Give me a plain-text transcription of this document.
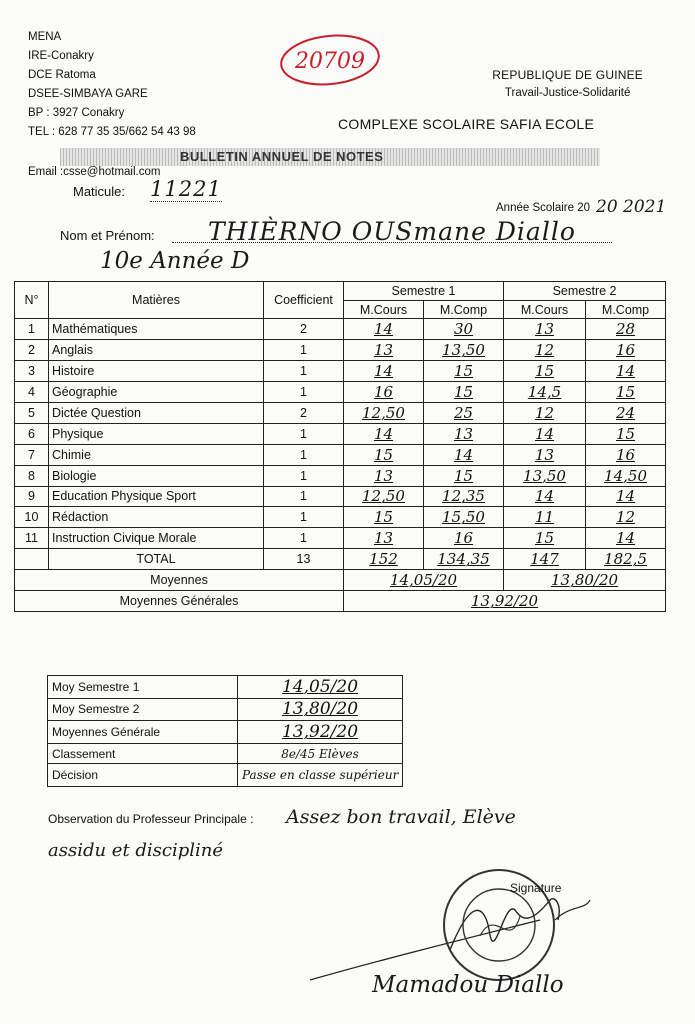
MENA
IRE-Conakry
DCE Ratoma
DSEE-SIMBAYA GARE
BP : 3927 Conakry
TEL : 628 77 35 35/662 54 43 98
20709
REPUBLIQUE DE GUINEE
Travail-Justice-Solidarité
COMPLEXE SCOLAIRE SAFIA ECOLE
BULLETIN ANNUEL DE NOTES
Email :csse@hotmail.com
Maticule: 11221
Année Scolaire 20 20 2021
Nom et Prénom: THIÈRNO OUSmane Diallo
10e Année D
N°	Matières	Coefficient	Semestre 1		Semestre 2	
			M.Cours	M.Comp	M.Cours	M.Comp
1	Mathématiques	2	14	30	13	28
2	Anglais	1	13	13,50	12	16
3	Histoire	1	14	15	15	14
4	Géographie	1	16	15	14,5	15
5	Dictée Question	2	12,50	25	12	24
6	Physique	1	14	13	14	15
7	Chimie	1	15	14	13	16
8	Biologie	1	13	15	13,50	14,50
9	Education Physique Sport	1	12,50	12,35	14	14
10	Rédaction	1	15	15,50	11	12
11	Instruction Civique Morale	1	13	16	15	14
	TOTAL	13	152	134,35	147	182,5
Moyennes			14,05/20		13,80/20	
Moyennes Générales			13,92/20			
Moy Semestre 1	14,05/20
Moy Semestre 2	13,80/20
Moyennes Générale	13,92/20
Classement	8e/45 Elèves
Décision	Passe en classe supérieur
Observation du Professeur Principale : Assez bon travail, Elève
assidu et discipliné
Signature
Mamadou Diallo
